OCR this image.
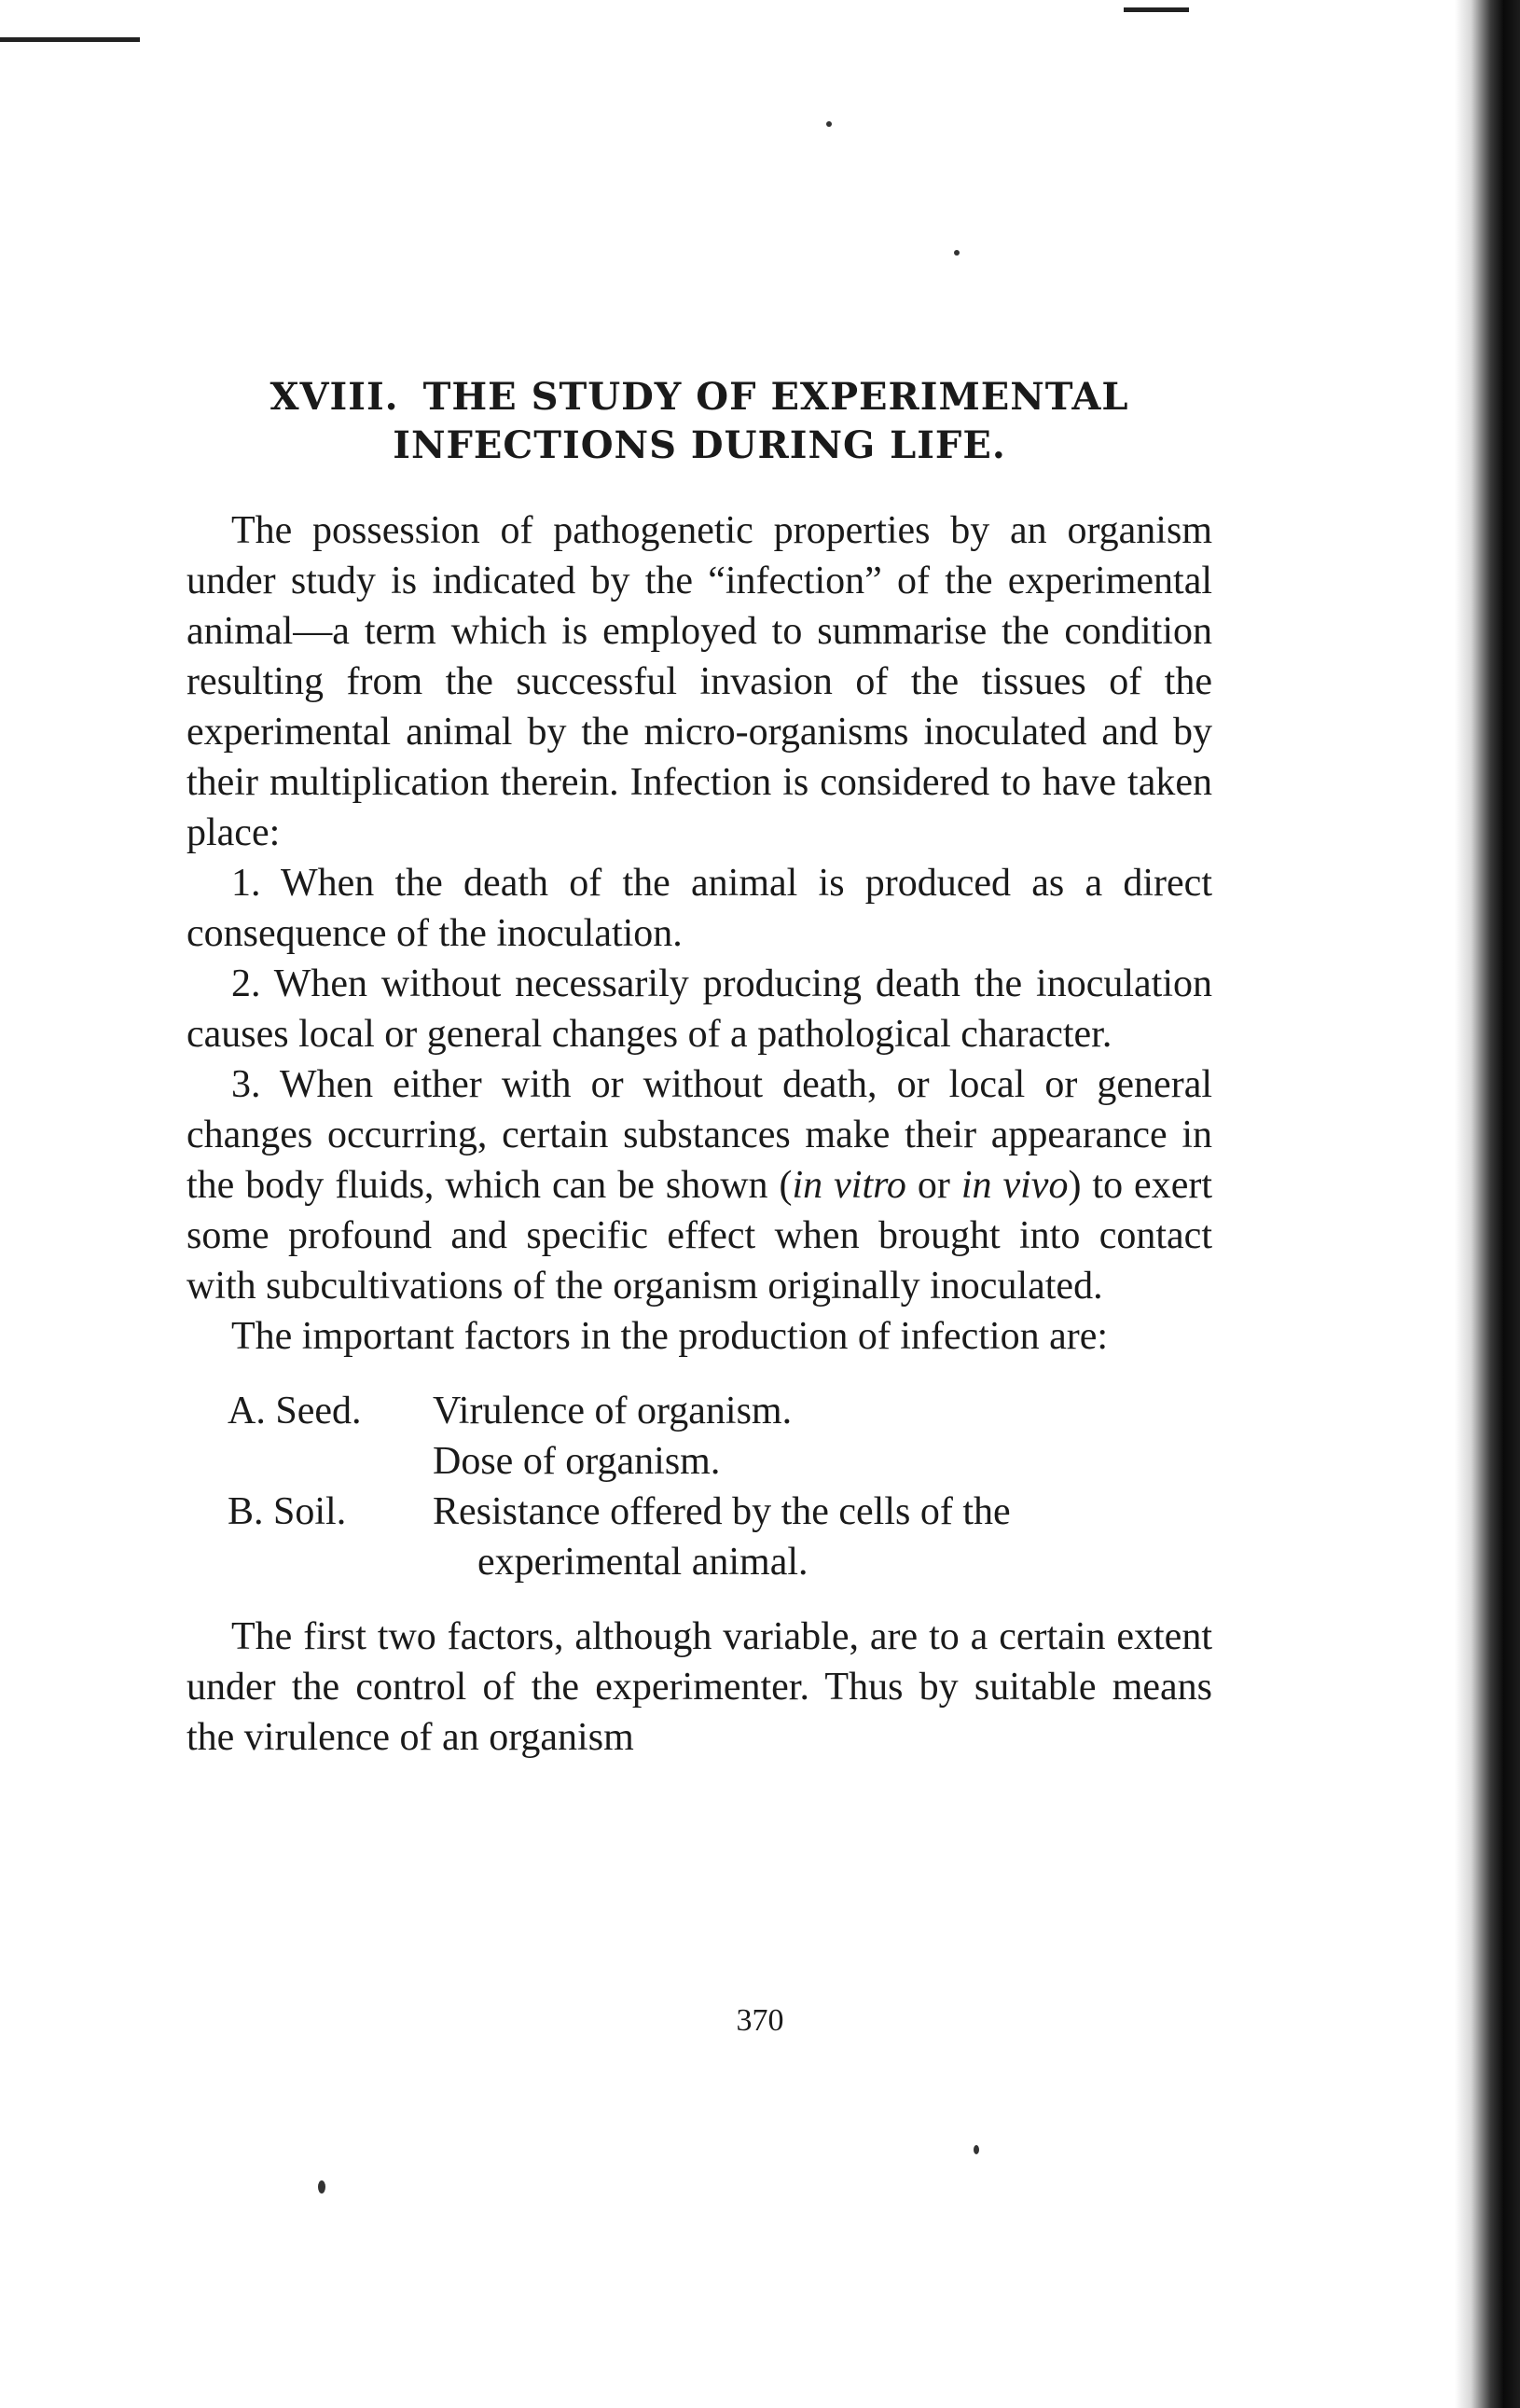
XVIII. THE STUDY OF EXPERIMENTAL
INFECTIONS DURING LIFE.

The possession of pathogenetic properties by an organism under study is indicated by the “infection” of the experimental animal—a term which is employed to summarise the condition resulting from the successful invasion of the tissues of the experimental animal by the micro-organisms inoculated and by their multiplication therein. Infection is considered to have taken place:

1. When the death of the animal is produced as a direct consequence of the inoculation.

2. When without necessarily producing death the inoculation causes local or general changes of a pathological character.

3. When either with or without death, or local or general changes occurring, certain substances make their appearance in the body fluids, which can be shown (in vitro or in vivo) to exert some profound and specific effect when brought into contact with subcultivations of the organism originally inoculated.

The important factors in the production of infection are:

A. Seed.	Virulence of organism.
Dose of organism.
B. Soil.	Resistance offered by the cells of the
experimental animal.

The first two factors, although variable, are to a certain extent under the control of the experimenter. Thus by suitable means the virulence of an organism

370
